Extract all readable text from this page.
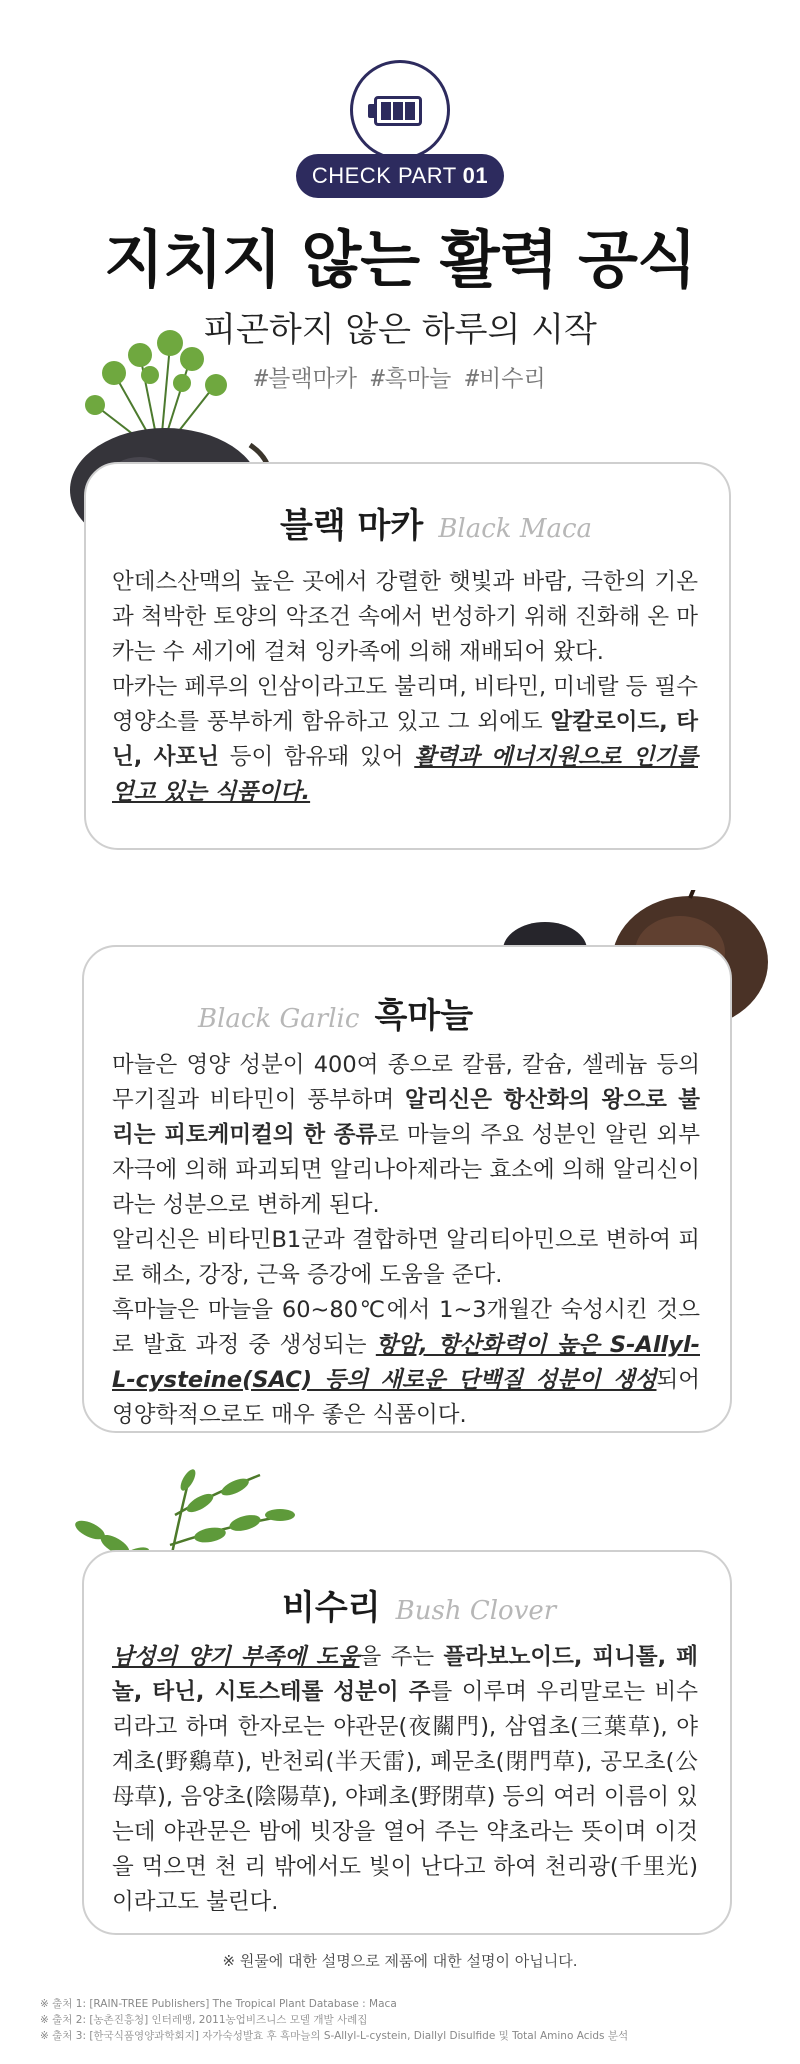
CHECK PART 01
지치지 않는 활력 공식
피곤하지 않은 하루의 시작
#블랙마카 #흑마늘 #비수리
블랙 마카 Black Maca

안데스산맥의 높은 곳에서 강렬한 햇빛과 바람, 극한의 기온과 척박한 토양의 악조건 속에서 번성하기 위해 진화해 온 마카는 수 세기에 걸쳐 잉카족에 의해 재배되어 왔다.

마카는 페루의 인삼이라고도 불리며, 비타민, 미네랄 등 필수 영양소를 풍부하게 함유하고 있고 그 외에도 알칼로이드, 타닌, 사포닌 등이 함유돼 있어 활력과 에너지원으로 인기를 얻고 있는 식품이다.

Black Garlic 흑마늘

마늘은 영양 성분이 400여 종으로 칼륨, 칼슘, 셀레늄 등의 무기질과 비타민이 풍부하며 알리신은 항산화의 왕으로 불리는 피토케미컬의 한 종류로 마늘의 주요 성분인 알린 외부 자극에 의해 파괴되면 알리나아제라는 효소에 의해 알리신이라는 성분으로 변하게 된다.

알리신은 비타민B1군과 결합하면 알리티아민으로 변하여 피로 해소, 강장, 근육 증강에 도움을 준다.

흑마늘은 마늘을 60~80℃에서 1~3개월간 숙성시킨 것으로 발효 과정 중 생성되는 항암, 항산화력이 높은 S-Allyl-L-cysteine(SAC) 등의 새로운 단백질 성분이 생성되어 영양학적으로도 매우 좋은 식품이다.

비수리 Bush Clover

남성의 양기 부족에 도움을 주는 플라보노이드, 피니톨, 페놀, 타닌, 시토스테롤 성분이 주를 이루며 우리말로는 비수리라고 하며 한자로는 야관문(夜關門), 삼엽초(三葉草), 야계초(野鷄草), 반천뢰(半天雷), 폐문초(閉門草), 공모초(公母草), 음양초(陰陽草), 야폐초(野閉草) 등의 여러 이름이 있는데 야관문은 밤에 빗장을 열어 주는 약초라는 뜻이며 이것을 먹으면 천 리 밖에서도 빛이 난다고 하여 천리광(千里光)이라고도 불린다.

※ 원물에 대한 설명으로 제품에 대한 설명이 아닙니다.
※ 출처 1: [RAIN-TREE Publishers] The Tropical Plant Database : Maca
※ 출처 2: [농촌진흥청] 인터레뱅, 2011농업비즈니스 모델 개발 사례집
※ 출처 3: [한국식품영양과학회지] 자가숙성발효 후 흑마늘의 S-Allyl-L-cystein, Diallyl Disulfide 및 Total Amino Acids 분석
